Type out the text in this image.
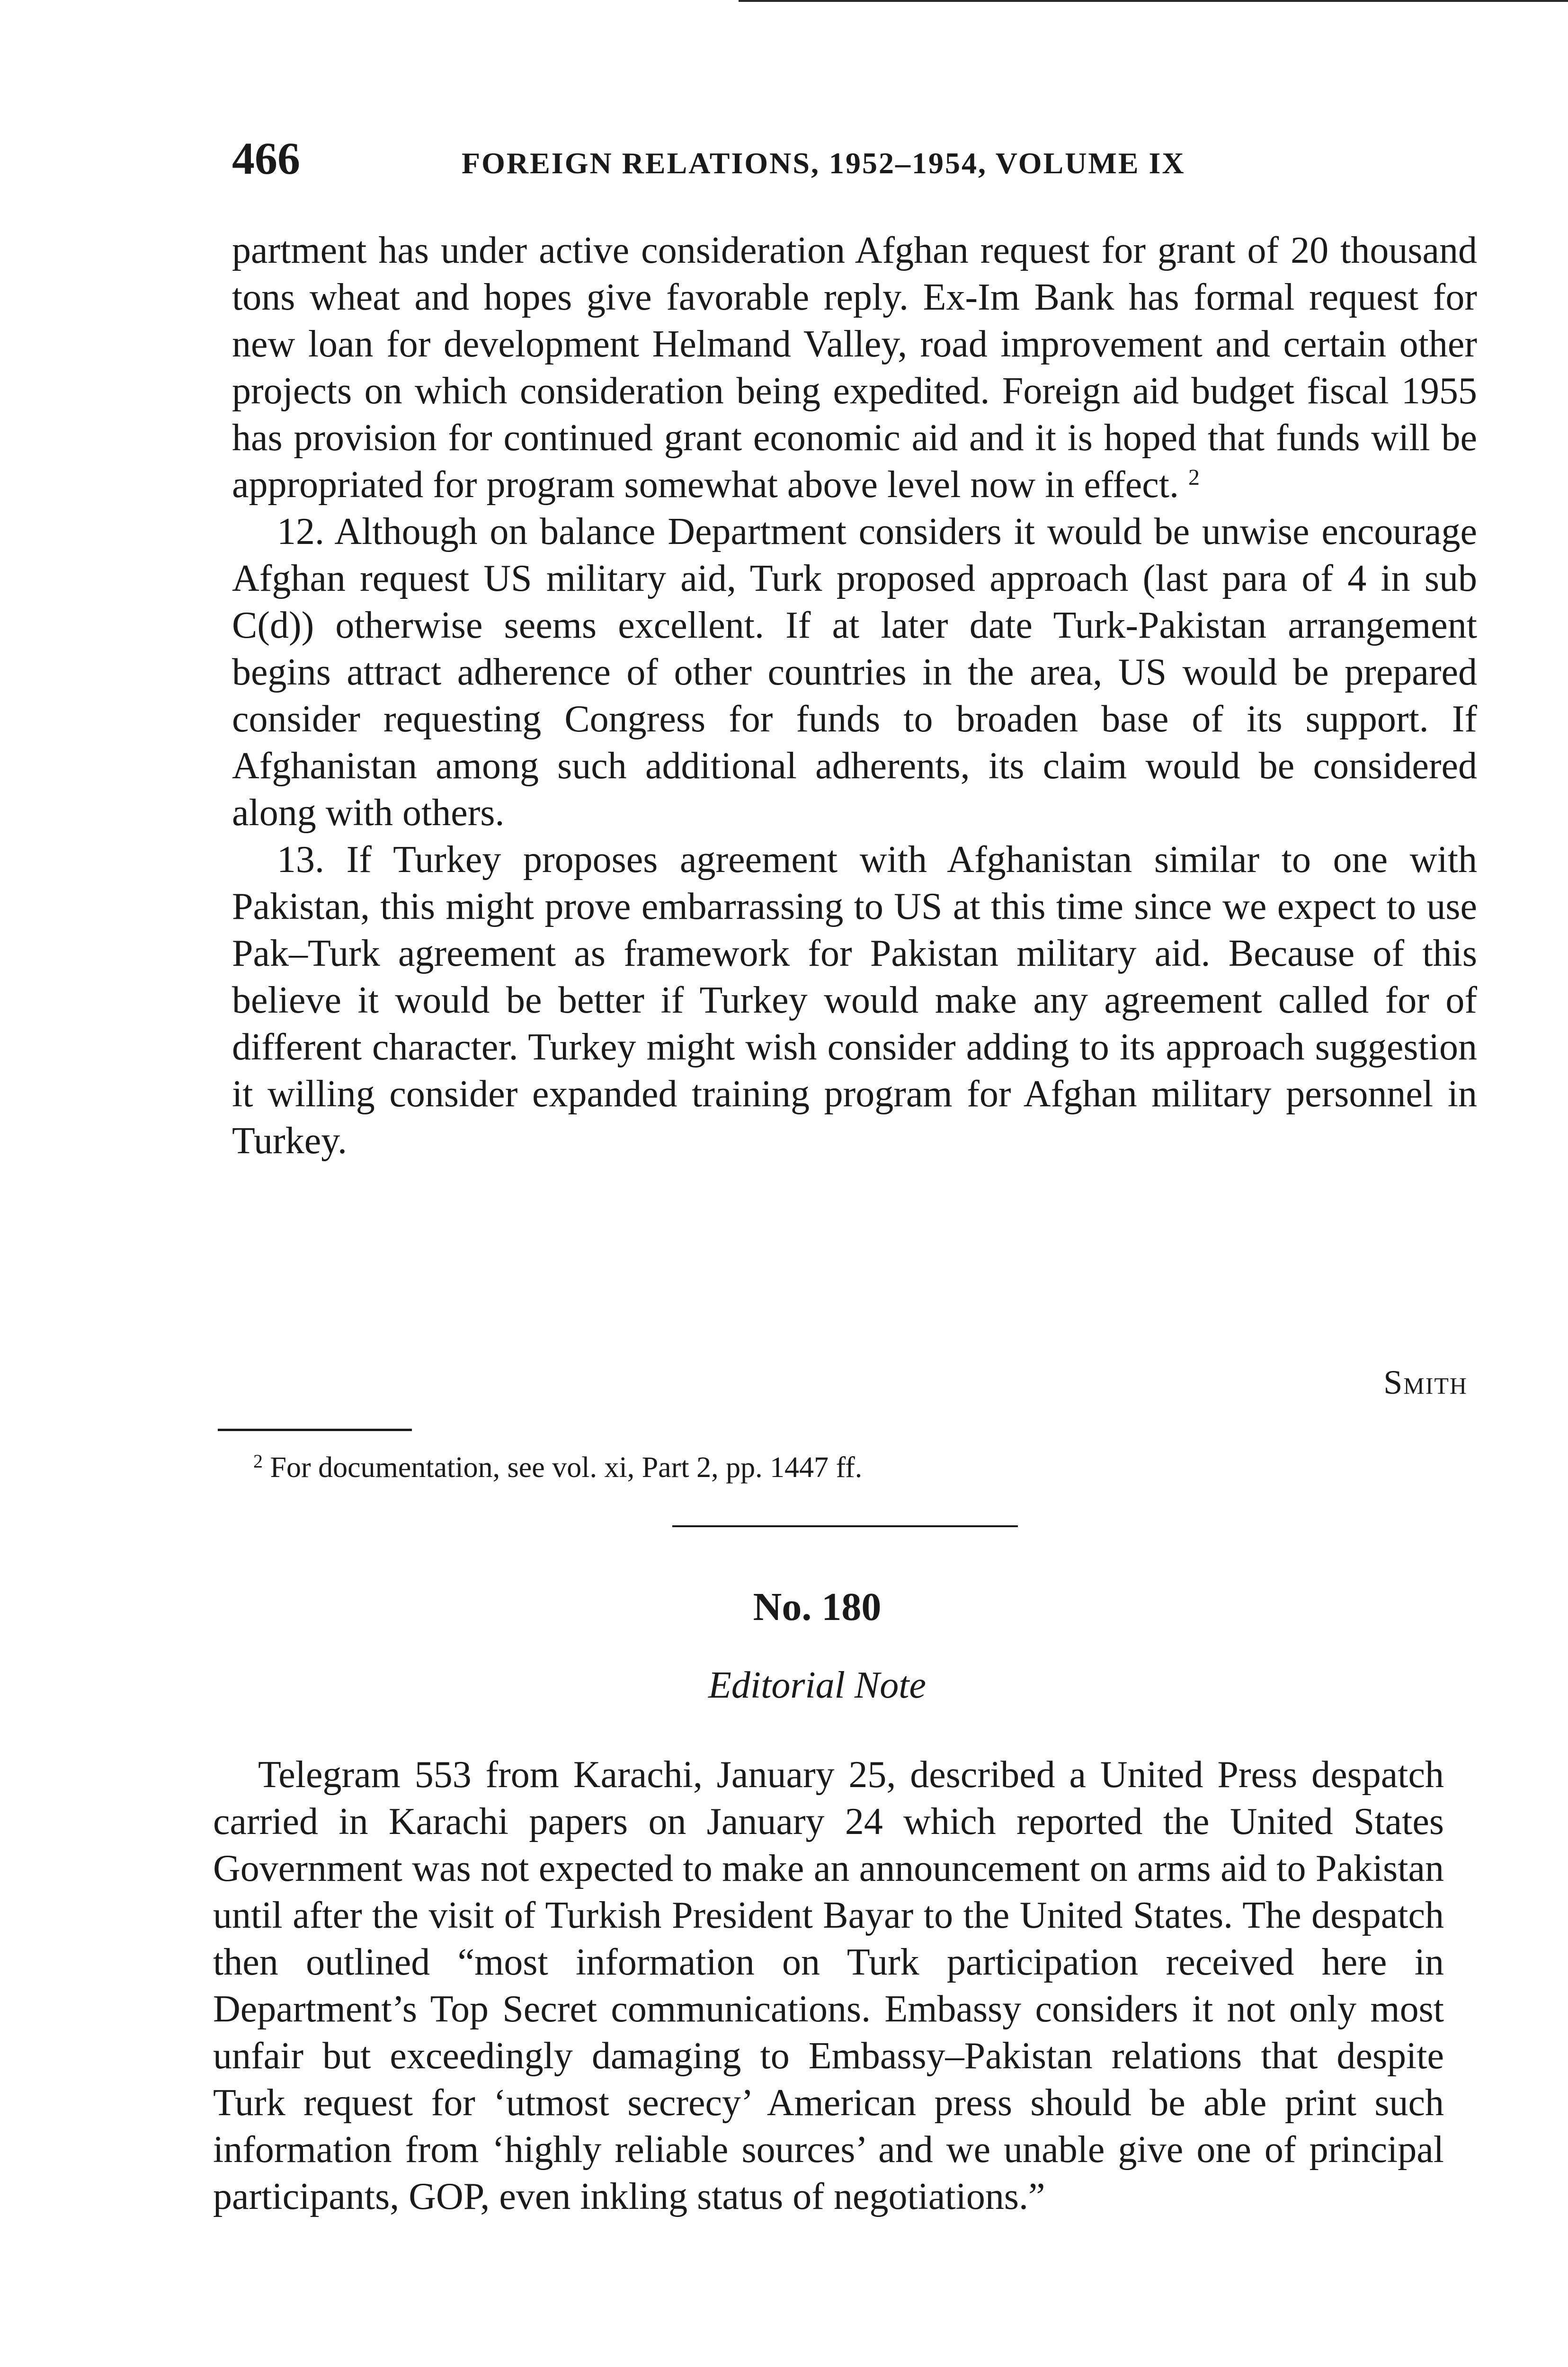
466	FOREIGN RELATIONS, 1952–1954, VOLUME IX

partment has under active consideration Afghan request for grant of 20 thousand tons wheat and hopes give favorable reply. Ex-Im Bank has formal request for new loan for development Helmand Valley, road improvement and certain other projects on which consideration being expedited. Foreign aid budget fiscal 1955 has provision for continued grant economic aid and it is hoped that funds will be appropriated for program somewhat above level now in effect. $^2$

12. Although on balance Department considers it would be unwise encourage Afghan request US military aid, Turk proposed approach (last para of 4 in sub C(d)) otherwise seems excellent. If at later date Turk-Pakistan arrangement begins attract adherence of other countries in the area, US would be prepared consider requesting Congress for funds to broaden base of its support. If Afghanistan among such additional adherents, its claim would be considered along with others.

13. If Turkey proposes agreement with Afghanistan similar to one with Pakistan, this might prove embarrassing to US at this time since we expect to use Pak–Turk agreement as framework for Pakistan military aid. Because of this believe it would be better if Turkey would make any agreement called for of different character. Turkey might wish consider adding to its approach suggestion it willing consider expanded training program for Afghan military personnel in Turkey.

Smith
$^2$ For documentation, see vol. xi, Part 2, pp. 1447 ff.
No. 180
Editorial Note

Telegram 553 from Karachi, January 25, described a United Press despatch carried in Karachi papers on January 24 which reported the United States Government was not expected to make an announcement on arms aid to Pakistan until after the visit of Turkish President Bayar to the United States. The despatch then outlined “most information on Turk participation received here in Department’s Top Secret communications. Embassy considers it not only most unfair but exceedingly damaging to Embassy–Pakistan relations that despite Turk request for ‘utmost secrecy’ American press should be able print such information from ‘highly reliable sources’ and we unable give one of principal participants, GOP, even inkling status of negotiations.”
